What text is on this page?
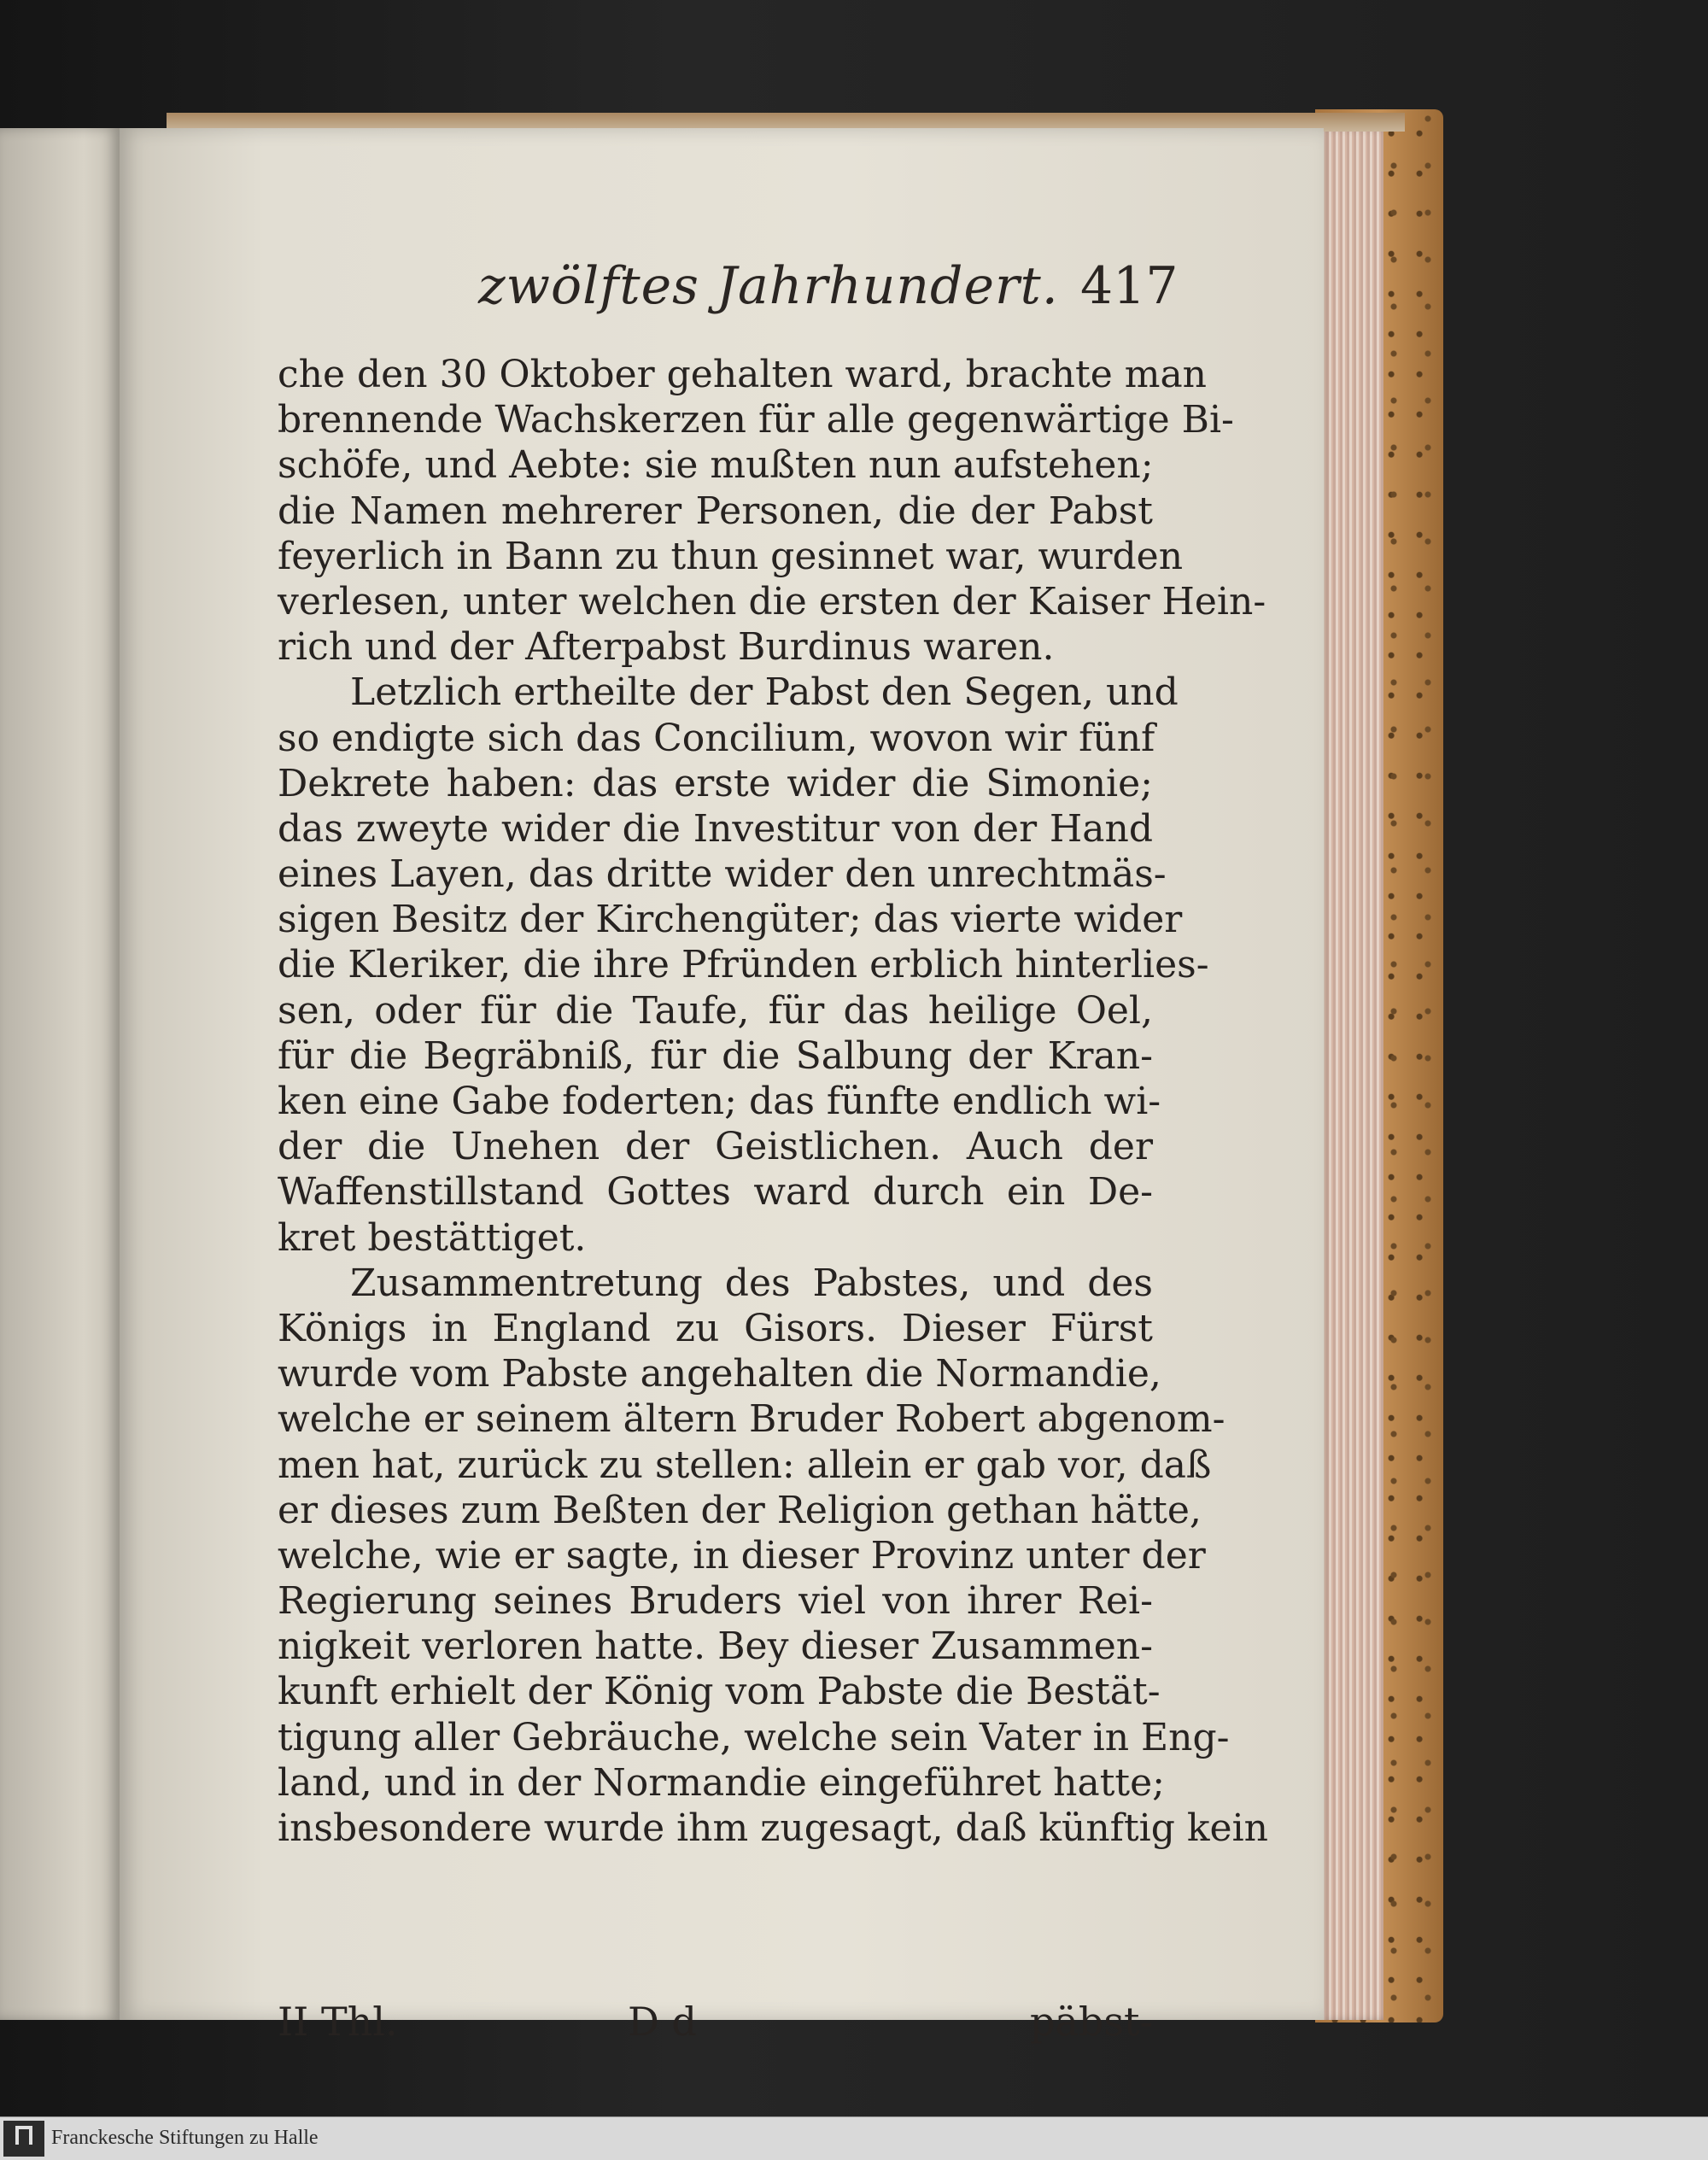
zwölftes Jahrhundert. 417
che den 30 Oktober gehalten ward, brachte man
brennende Wachskerzen für alle gegenwärtige Bi-
schöfe, und Aebte: sie mußten nun aufstehen;
die Namen mehrerer Personen, die der Pabst
feyerlich in Bann zu thun gesinnet war, wurden
verlesen, unter welchen die ersten der Kaiser Hein-
rich und der Afterpabst Burdinus waren.
Letzlich ertheilte der Pabst den Segen, und
so endigte sich das Concilium, wovon wir fünf
Dekrete haben: das erste wider die Simonie;
das zweyte wider die Investitur von der Hand
eines Layen, das dritte wider den unrechtmäs-
sigen Besitz der Kirchengüter; das vierte wider
die Kleriker, die ihre Pfründen erblich hinterlies-
sen, oder für die Taufe, für das heilige Oel,
für die Begräbniß, für die Salbung der Kran-
ken eine Gabe foderten; das fünfte endlich wi-
der die Unehen der Geistlichen. Auch der
Waffenstillstand Gottes ward durch ein De-
kret bestättiget.
Zusammentretung des Pabstes, und des
Königs in England zu Gisors. Dieser Fürst
wurde vom Pabste angehalten die Normandie,
welche er seinem ältern Bruder Robert abgenom-
men hat, zurück zu stellen: allein er gab vor, daß
er dieses zum Beßten der Religion gethan hätte,
welche, wie er sagte, in dieser Provinz unter der
Regierung seines Bruders viel von ihrer Rei-
nigkeit verloren hatte. Bey dieser Zusammen-
kunft erhielt der König vom Pabste die Bestät-
tigung aller Gebräuche, welche sein Vater in Eng-
land, und in der Normandie eingeführet hatte;
insbesondere wurde ihm zugesagt, daß künftig kein
II Thl.	D d	päbst-
Franckesche Stiftungen zu Halle
